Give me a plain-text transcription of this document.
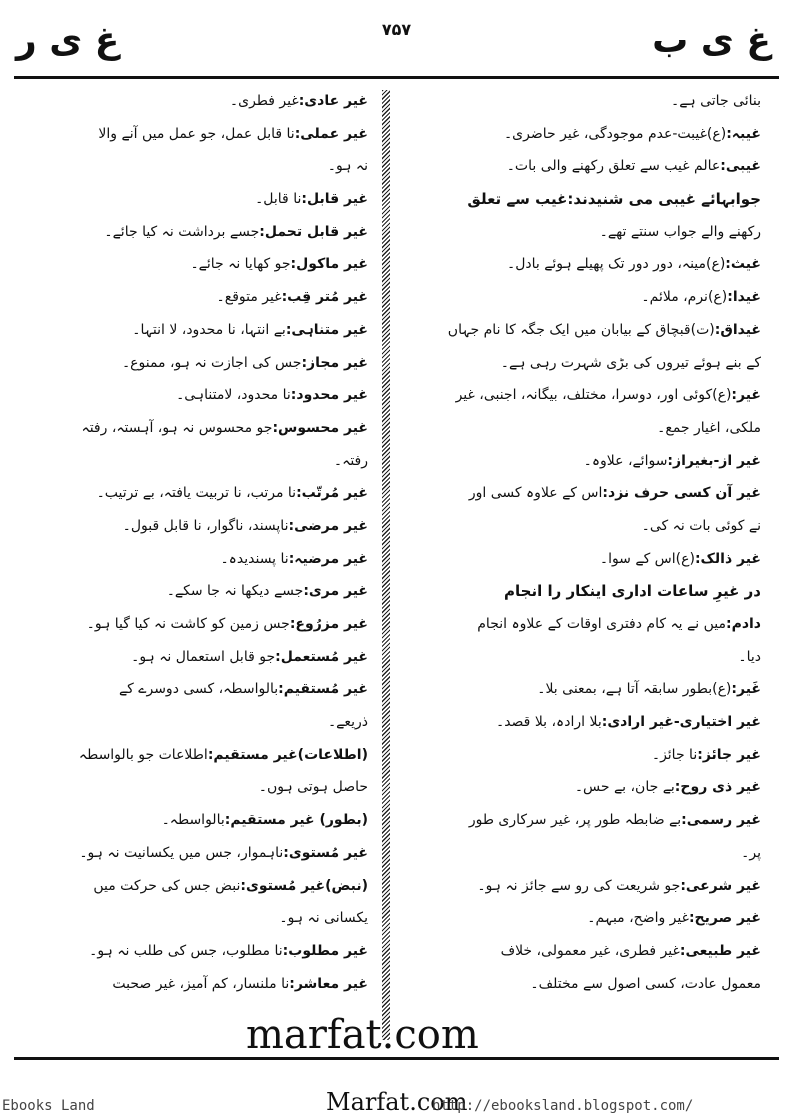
غ ی ب
۷۵۷
غ ی ر
بنائی جاتی ہے۔
غیبہ:(ع)غیبت-عدم موجودگی، غیر حاضری۔
غیبی:عالم غیب سے تعلق رکھنے والی بات۔
جوابہائے غیبی می شنیدند:غیب سے تعلق
رکھنے والے جواب سنتے تھے۔
غیث:(ع)مینہ، دور دور تک پھیلے ہوئے بادل۔
غیدا:(ع)نرم، ملائم۔
غیداق:(ت)قبچاق کے بیابان میں ایک جگہ کا نام جہاں
کے بنے ہوئے تیروں کی بڑی شہرت رہی ہے۔
غیر:(ع)کوئی اور، دوسرا، مختلف، بیگانہ، اجنبی، غیر
ملکی، اغیار جمع۔
غیر از-بغیراز:سوائے، علاوہ۔
غیر آن کسی حرف نزد:اس کے علاوہ کسی اور
نے کوئی بات نہ کی۔
غیر ذالک:(ع)اس کے سوا۔
در غیرِ ساعات اداری اینکار را انجام
دادم:میں نے یہ کام دفتری اوقات کے علاوہ انجام
دیا۔
غَیر:(ع)بطور سابقہ آتا ہے، بمعنی بلا۔
غیر اختیاری-غیر ارادی:بلا ارادہ، بلا قصد۔
غیر جائز:نا جائز۔
غیر ذی روح:بے جان، بے حس۔
غیر رسمی:بے ضابطہ طور پر، غیر سرکاری طور
پر۔
غیر شرعی:جو شریعت کی رو سے جائز نہ ہو۔
غیر صریح:غیر واضح، مبہم۔
غیر طبیعی:غیر فطری، غیر معمولی، خلاف
معمول عادت، کسی اصول سے مختلف۔
غیر عادی:غیر فطری۔
غیر عملی:نا قابل عمل، جو عمل میں آنے والا
نہ ہو۔
غیر قابل:نا قابل۔
غیر قابل تحمل:جسے برداشت نہ کیا جائے۔
غیر ماکول:جو کھایا نہ جائے۔
غیر مُتر قِب:غیر متوقع۔
غیر متناہی:بے انتہا، نا محدود، لا انتہا۔
غیر مجاز:جس کی اجازت نہ ہو، ممنوع۔
غیر محدود:نا محدود، لامتناہی۔
غیر محسوس:جو محسوس نہ ہو، آہستہ، رفتہ
رفتہ۔
غیر مُرتّب:نا مرتب، نا تربیت یافتہ، بے ترتیب۔
غیر مرضی:ناپسند، ناگوار، نا قابل قبول۔
غیر مرضیہ:نا پسندیدہ۔
غیر مری:جسے دیکھا نہ جا سکے۔
غیر مزرُوع:جس زمین کو کاشت نہ کیا گیا ہو۔
غیر مُستعمل:جو قابل استعمال نہ ہو۔
غیر مُستقیم:بالواسطہ، کسی دوسرے کے
ذریعے۔
(اطلاعات)غیر مستقیم:اطلاعات جو بالواسطہ
حاصل ہوتی ہوں۔
(بطور) غیر مستقیم:بالواسطہ۔
غیر مُستوی:ناہموار، جس میں یکسانیت نہ ہو۔
(نبض)غیر مُستوی:نبض جس کی حرکت میں
یکسانی نہ ہو۔
غیر مطلوب:نا مطلوب، جس کی طلب نہ ہو۔
غیر معاشر:نا ملنسار، کم آمیز، غیر صحبت
marfat.com
Ebooks Land	Marfat.com
http://ebooksland.blogspot.com/
